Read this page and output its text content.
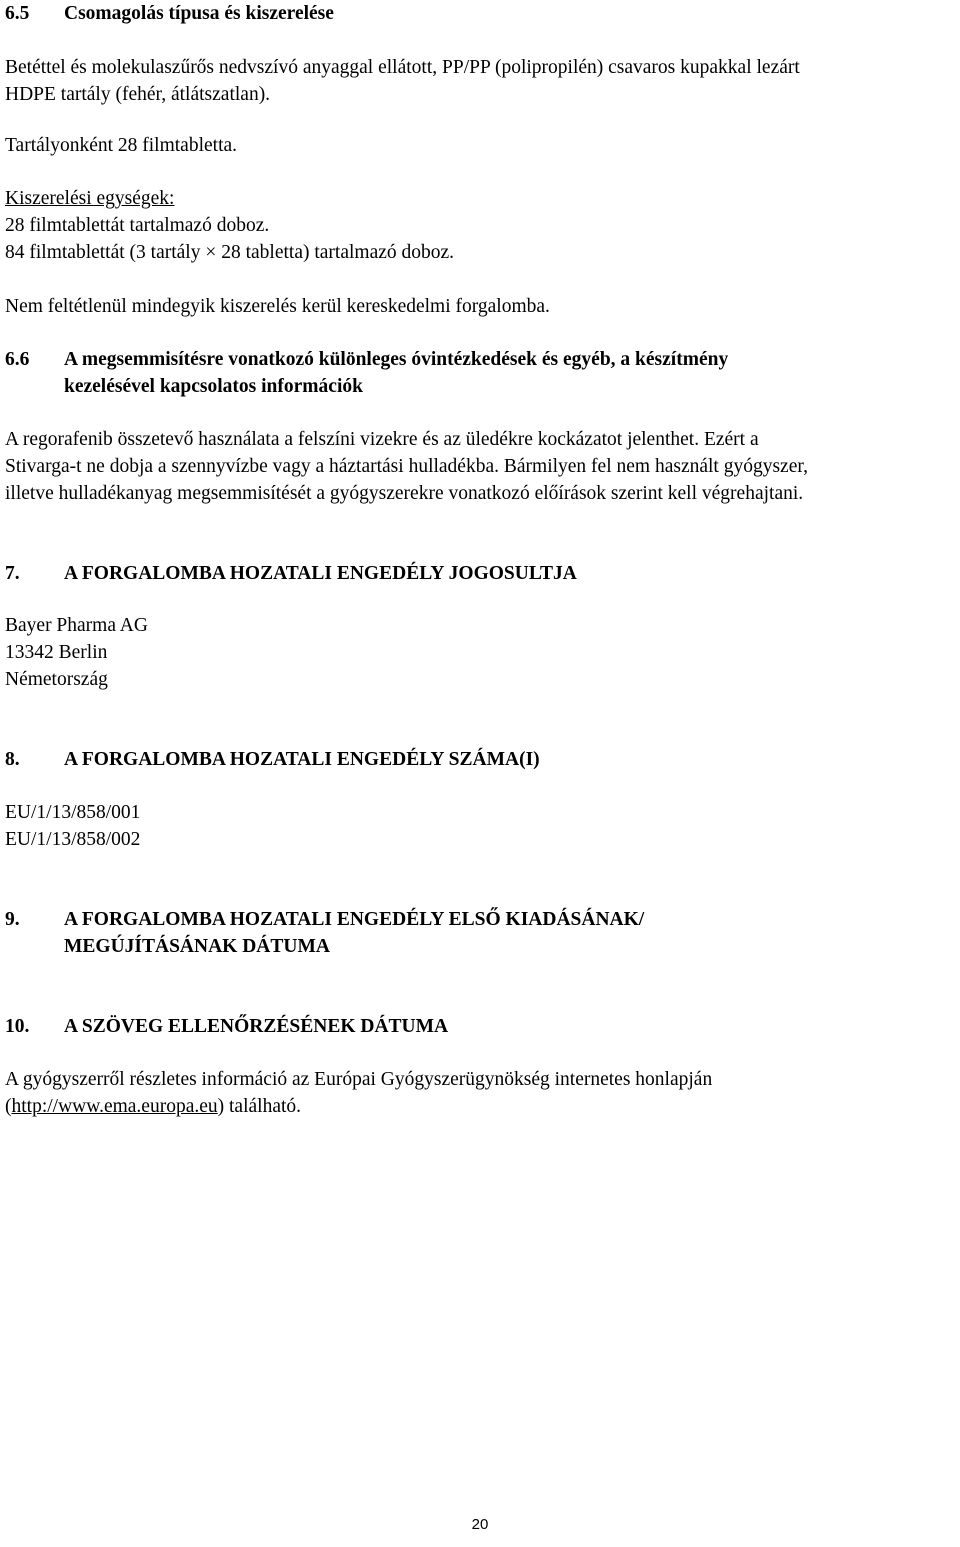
6.5 Csomagolás típusa és kiszerelése
Betéttel és molekulaszűrős nedvszívó anyaggal ellátott, PP/PP (polipropilén) csavaros kupakkal lezárt
HDPE tartály (fehér, átlátszatlan).
Tartályonként 28 filmtabletta.
Kiszerelési egységek:
28 filmtablettát tartalmazó doboz.
84 filmtablettát (3 tartály × 28 tabletta) tartalmazó doboz.
Nem feltétlenül mindegyik kiszerelés kerül kereskedelmi forgalomba.
6.6 A megsemmisítésre vonatkozó különleges óvintézkedések és egyéb, a készítmény
kezelésével kapcsolatos információk
A regorafenib összetevő használata a felszíni vizekre és az üledékre kockázatot jelenthet. Ezért a
Stivarga-t ne dobja a szennyvízbe vagy a háztartási hulladékba. Bármilyen fel nem használt gyógyszer,
illetve hulladékanyag megsemmisítését a gyógyszerekre vonatkozó előírások szerint kell végrehajtani.
7. A FORGALOMBA HOZATALI ENGEDÉLY JOGOSULTJA
Bayer Pharma AG
13342 Berlin
Németország
8. A FORGALOMBA HOZATALI ENGEDÉLY SZÁMA(I)
EU/1/13/858/001
EU/1/13/858/002
9. A FORGALOMBA HOZATALI ENGEDÉLY ELSŐ KIADÁSÁNAK/
MEGÚJÍTÁSÁNAK DÁTUMA
10. A SZÖVEG ELLENŐRZÉSÉNEK DÁTUMA
A gyógyszerről részletes információ az Európai Gyógyszerügynökség internetes honlapján
(http://www.ema.europa.eu) található.
20
